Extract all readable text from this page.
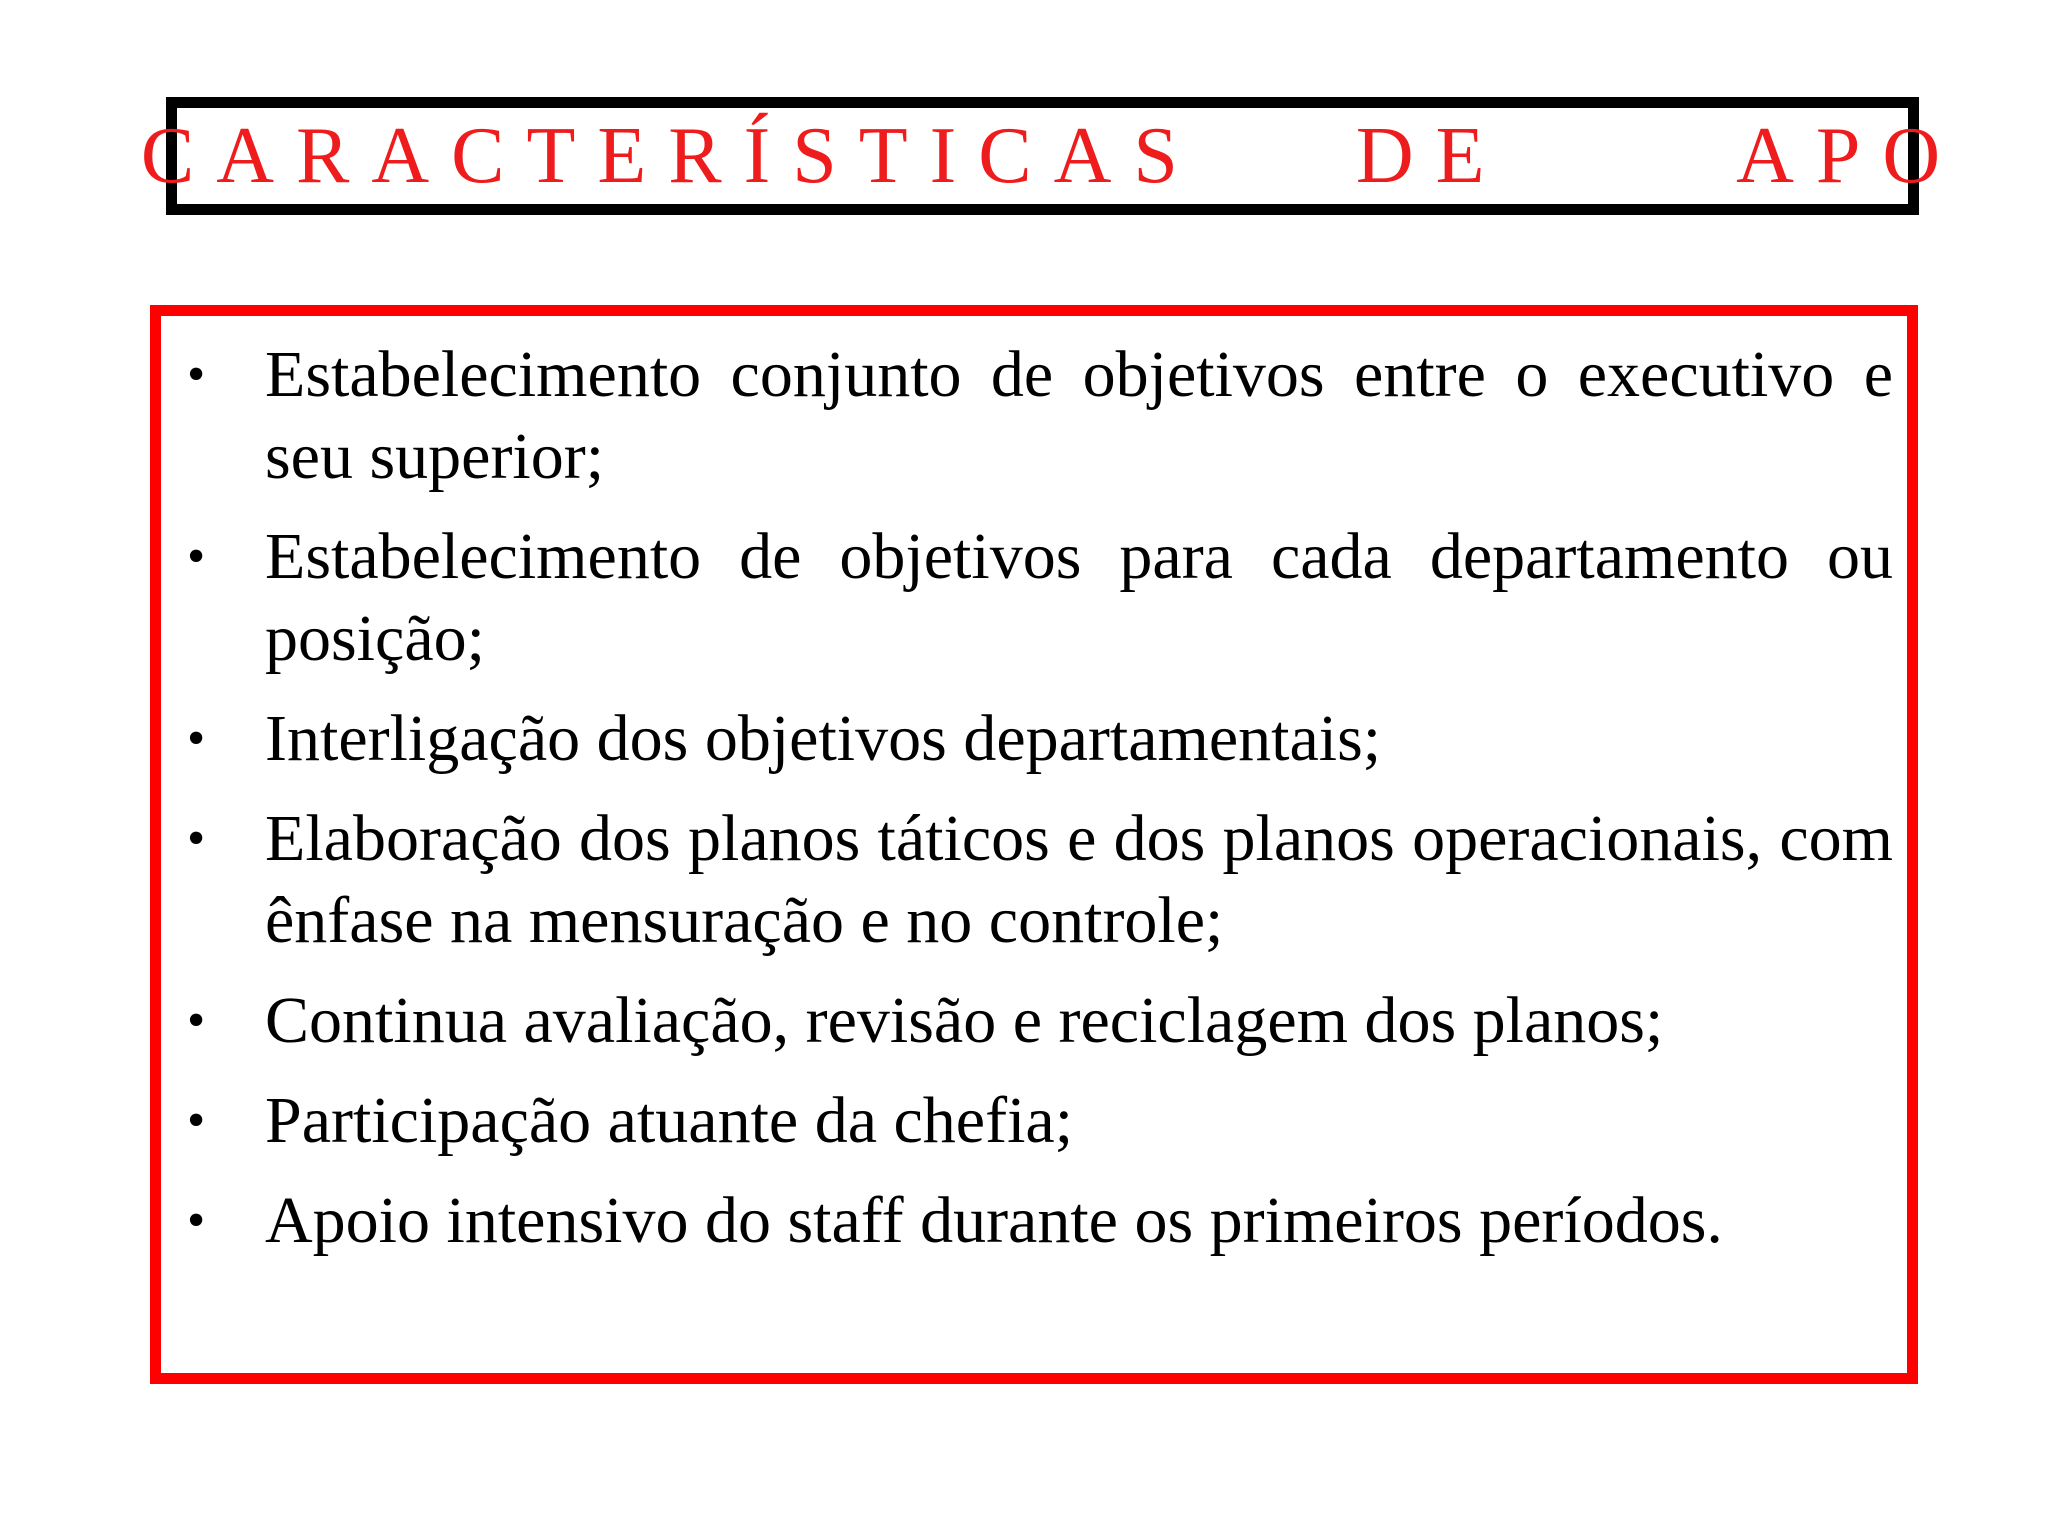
CARACTERÍSTICAS  DE   APO
• Estabelecimento conjunto de objetivos entre o executivo e seu superior;
• Estabelecimento de objetivos para cada departamento ou posição;
• Interligação dos objetivos departamentais;
• Elaboração dos planos táticos e dos planos operacionais, com ênfase na mensuração e no controle;
• Continua avaliação, revisão e reciclagem dos planos;
• Participação atuante da chefia;
• Apoio intensivo do staff durante os primeiros períodos.
